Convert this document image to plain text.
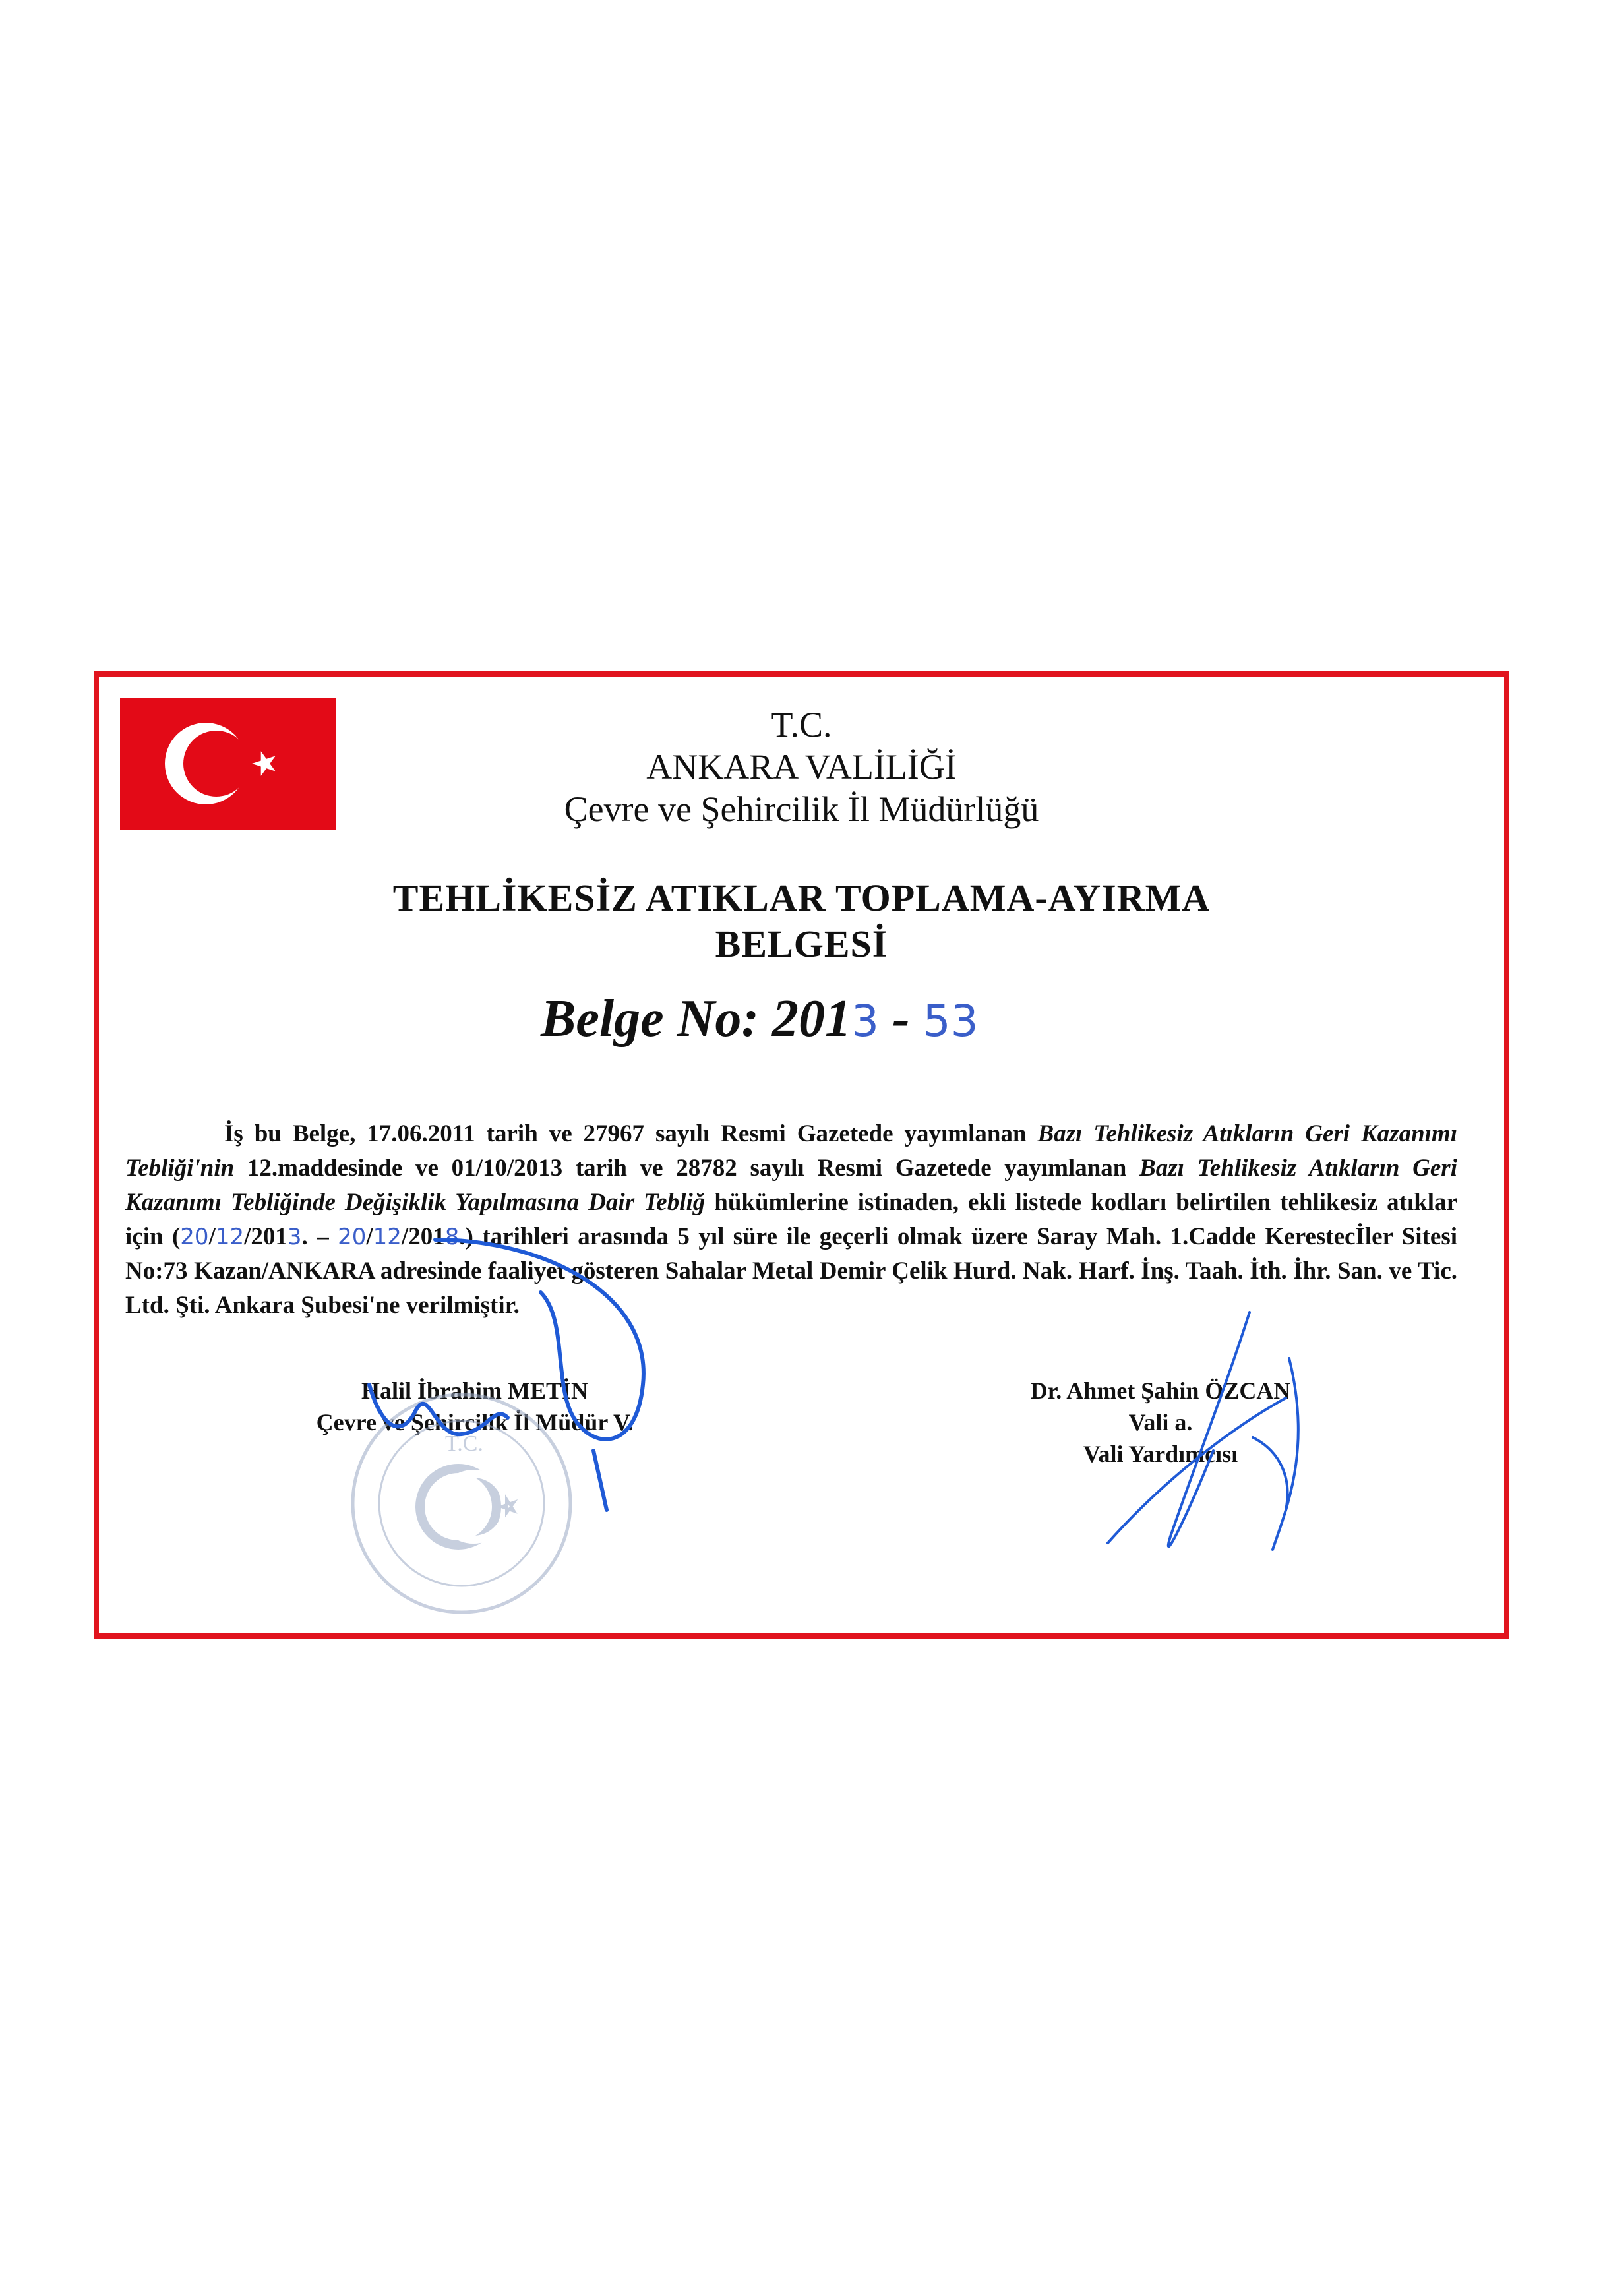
T.C.
ANKARA VALİLİĞİ
Çevre ve Şehircilik İl Müdürlüğü
TEHLİKESİZ ATIKLAR TOPLAMA-AYIRMA
BELGESİ
Belge No: 2013 - 53

İş bu Belge, 17.06.2011 tarih ve 27967 sayılı Resmi Gazetede yayımlanan Bazı Tehlikesiz Atıkların Geri Kazanımı Tebliği'nin 12.maddesinde ve 01/10/2013 tarih ve 28782 sayılı Resmi Gazetede yayımlanan Bazı Tehlikesiz Atıkların Geri Kazanımı Tebliğinde Değişiklik Yapılmasına Dair Tebliğ hükümlerine istinaden, ekli listede kodları belirtilen tehlikesiz atıklar için (20/12/2013. – 20/12/2018.) tarihleri arasında 5 yıl süre ile geçerli olmak üzere Saray Mah. 1.Cadde Kerestecİler Sitesi No:73 Kazan/ANKARA adresinde faaliyet gösteren Sahalar Metal Demir Çelik Hurd. Nak. Harf. İnş. Taah. İth. İhr. San. ve Tic. Ltd. Şti. Ankara Şubesi'ne verilmiştir.

Halil İbrahim METİN
Çevre ve Şehircilik İl Müdür V.
Dr. Ahmet Şahin ÖZCAN
Vali a.
Vali Yardımcısı
T.C.
